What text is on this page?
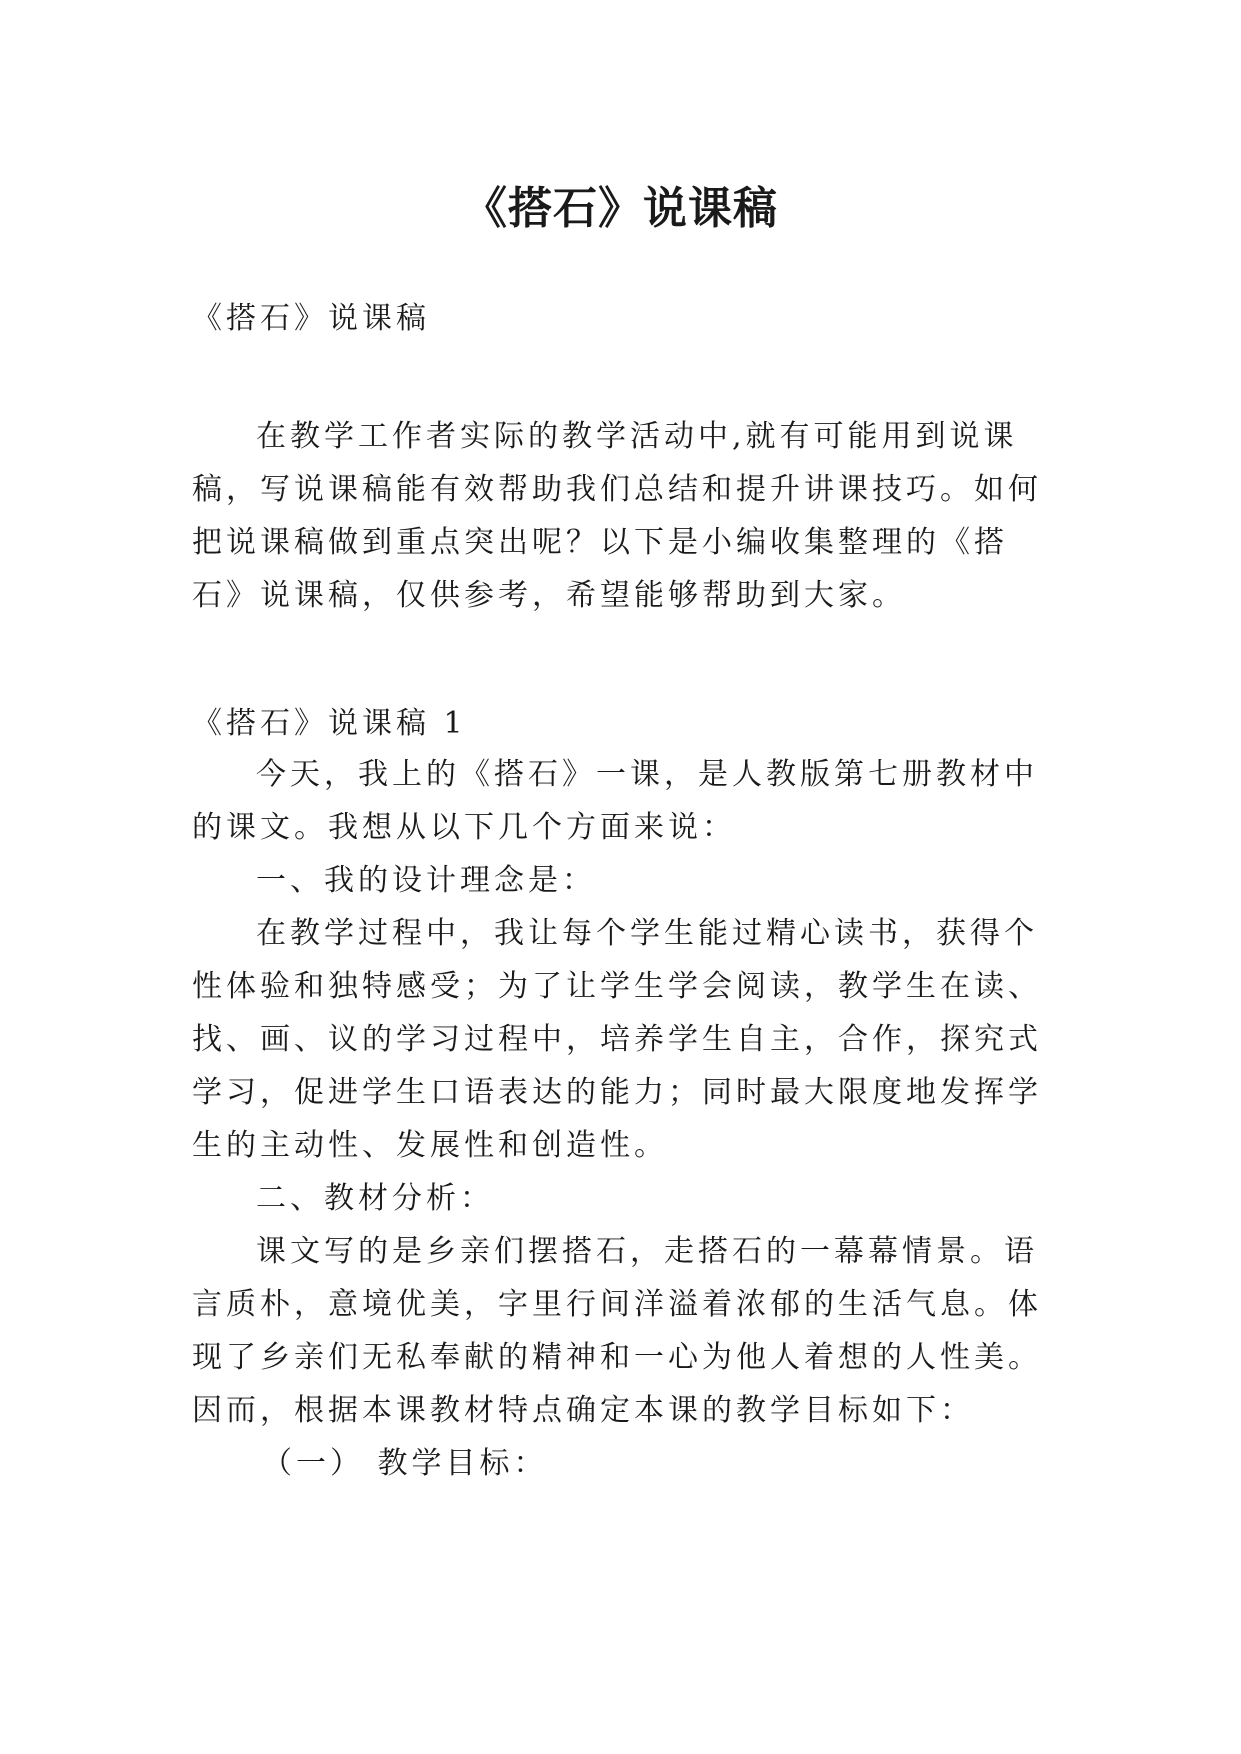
《搭石》说课稿

《搭石》说课稿

在教学工作者实际的教学活动中,就有可能用到说课稿，写说课稿能有效帮助我们总结和提升讲课技巧。如何把说课稿做到重点突出呢？以下是小编收集整理的《搭石》说课稿，仅供参考，希望能够帮助到大家。

《搭石》说课稿 1

今天，我上的《搭石》一课，是人教版第七册教材中的课文。我想从以下几个方面来说：

一、我的设计理念是：

在教学过程中，我让每个学生能过精心读书，获得个性体验和独特感受；为了让学生学会阅读，教学生在读、找、画、议的学习过程中，培养学生自主，合作，探究式学习，促进学生口语表达的能力；同时最大限度地发挥学生的主动性、发展性和创造性。

二、教材分析：

课文写的是乡亲们摆搭石，走搭石的一幕幕情景。语言质朴，意境优美，字里行间洋溢着浓郁的生活气息。体现了乡亲们无私奉献的精神和一心为他人着想的人性美。因而，根据本课教材特点确定本课的教学目标如下：

（一） 教学目标：
